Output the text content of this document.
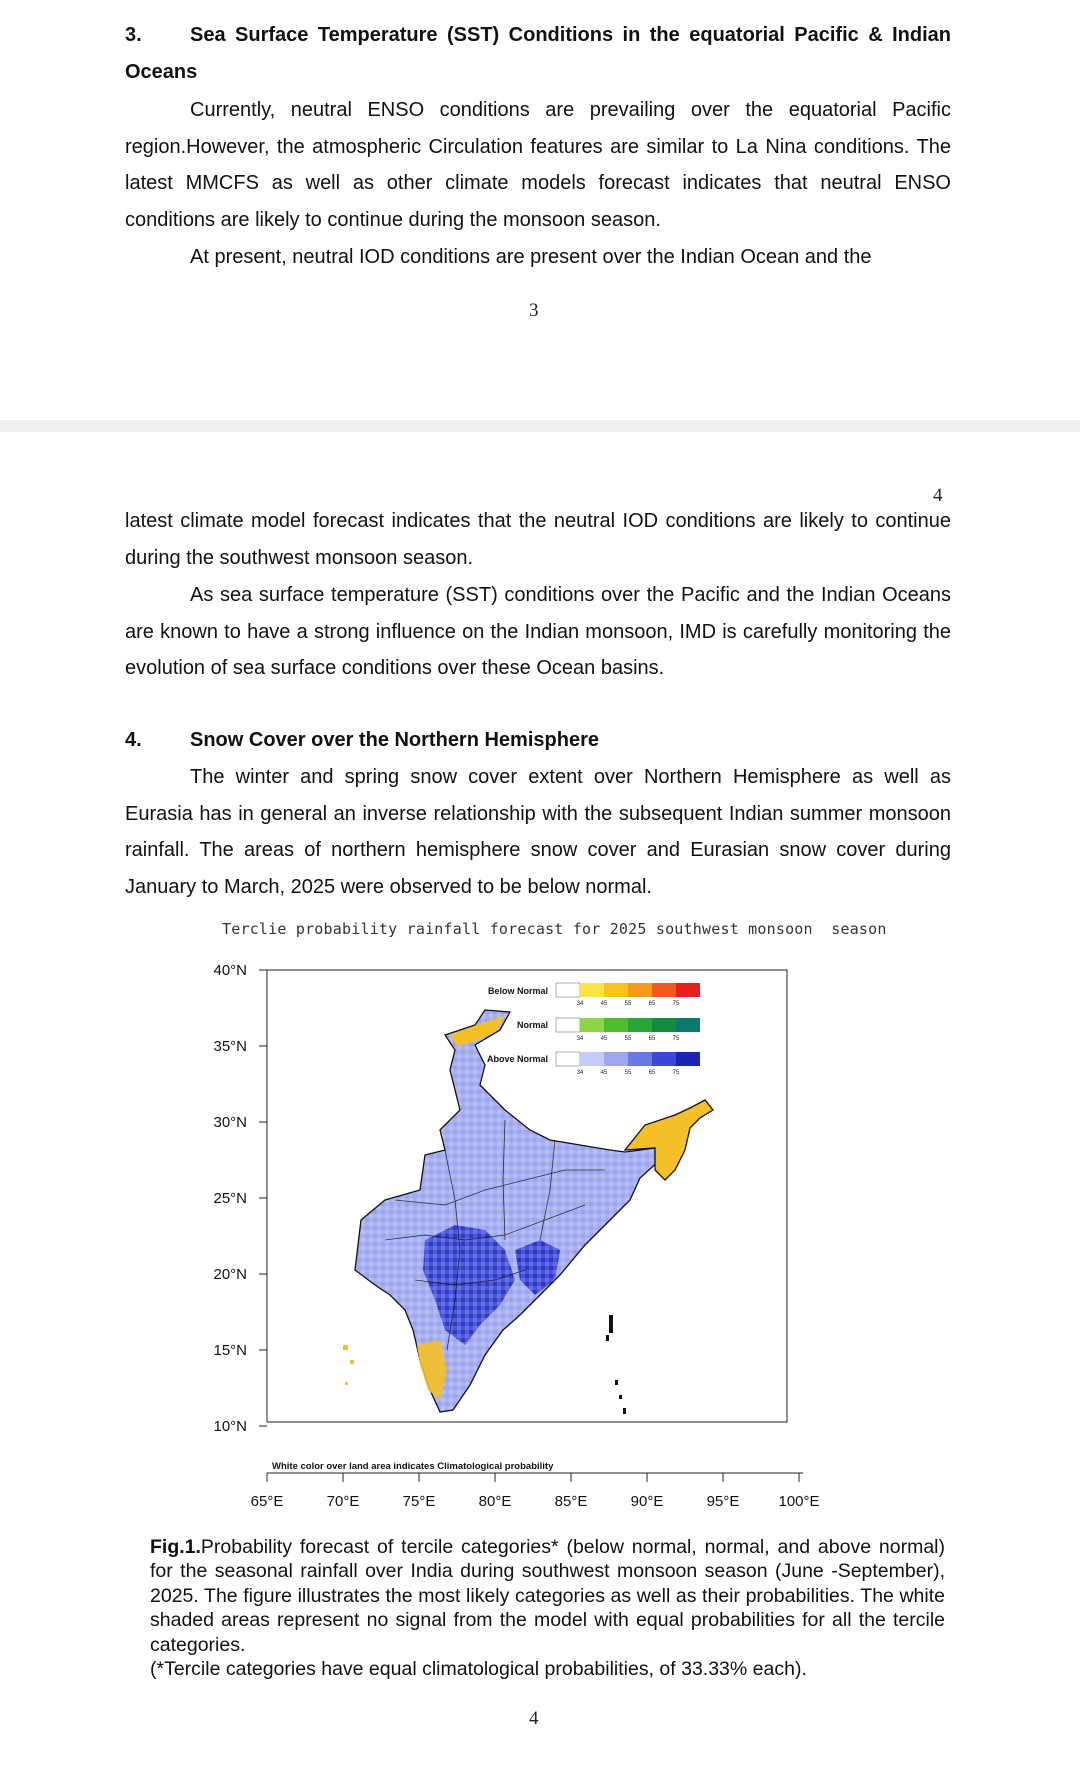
3. Sea Surface Temperature (SST) Conditions in the equatorial Pacific & Indian Oceans
Currently, neutral ENSO conditions are prevailing over the equatorial Pacific region.However, the atmospheric Circulation features are similar to La Nina conditions. The latest MMCFS as well as other climate models forecast indicates that neutral ENSO conditions are likely to continue during the monsoon season.
At present, neutral IOD conditions are present over the Indian Ocean and the
3
4
latest climate model forecast indicates that the neutral IOD conditions are likely to continue during the southwest monsoon season.
As sea surface temperature (SST) conditions over the Pacific and the Indian Oceans are known to have a strong influence on the Indian monsoon, IMD is carefully monitoring the evolution of sea surface conditions over these Ocean basins.
4. Snow Cover over the Northern Hemisphere
The winter and spring snow cover extent over Northern Hemisphere as well as Eurasia has in general an inverse relationship with the subsequent Indian summer monsoon rainfall. The areas of northern hemisphere snow cover and Eurasian snow cover during January to March, 2025 were observed to be below normal.
Terclie probability rainfall forecast for 2025 southwest monsoon  season
Below Normal
Normal
Above Normal
34	45	55	65	75
34	45	55	65	75
34	45	55	65	75
40°N
35°N
30°N
25°N
20°N
15°N
10°N
White color over land area indicates Climatological probability
65°E	70°E	75°E	80°E	85°E	90°E	95°E	100°E
Fig.1.Probability forecast of tercile categories* (below normal, normal, and above normal) for the seasonal rainfall over India during southwest monsoon season (June -September), 2025. The figure illustrates the most likely categories as well as their probabilities. The white shaded areas represent no signal from the model with equal probabilities for all the tercile categories.
(*Tercile categories have equal climatological probabilities, of 33.33% each).
4
